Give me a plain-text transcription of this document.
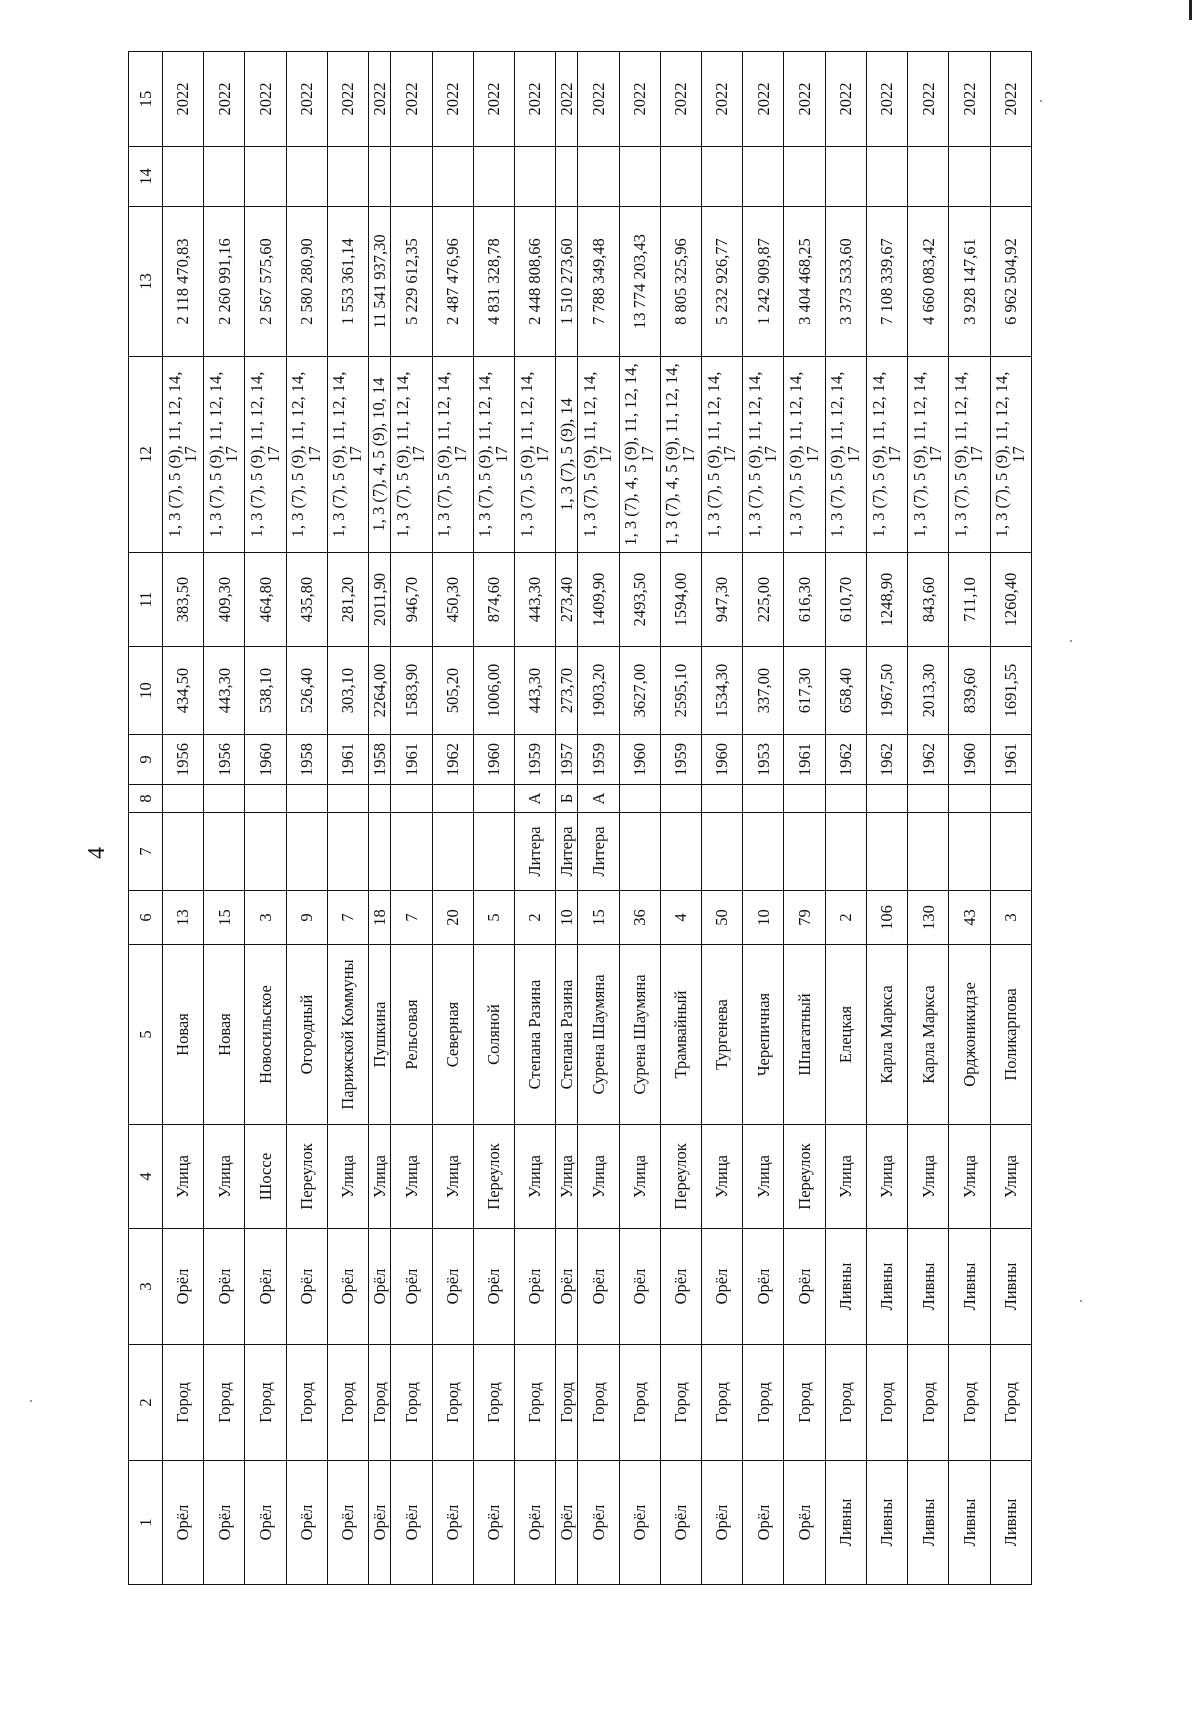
4
1	2	3	4	5	6	7	8	9	10	11	12	13	14	15
Орёл	Город	Орёл	Улица	Новая	13			1956	434,50	383,50	1, 3 (7), 5 (9), 11, 12, 14, 17	2 118 470,83		2022
Орёл	Город	Орёл	Улица	Новая	15			1956	443,30	409,30	1, 3 (7), 5 (9), 11, 12, 14, 17	2 260 991,16		2022
Орёл	Город	Орёл	Шоссе	Новосильское	3			1960	538,10	464,80	1, 3 (7), 5 (9), 11, 12, 14, 17	2 567 575,60		2022
Орёл	Город	Орёл	Переулок	Огородный	9			1958	526,40	435,80	1, 3 (7), 5 (9), 11, 12, 14, 17	2 580 280,90		2022
Орёл	Город	Орёл	Улица	Парижской Коммуны	7			1961	303,10	281,20	1, 3 (7), 5 (9), 11, 12, 14, 17	1 553 361,14		2022
Орёл	Город	Орёл	Улица	Пушкина	18			1958	2264,00	2011,90	1, 3 (7), 4, 5 (9), 10, 14	11 541 937,30		2022
Орёл	Город	Орёл	Улица	Рельсовая	7			1961	1583,90	946,70	1, 3 (7), 5 (9), 11, 12, 14, 17	5 229 612,35		2022
Орёл	Город	Орёл	Улица	Северная	20			1962	505,20	450,30	1, 3 (7), 5 (9), 11, 12, 14, 17	2 487 476,96		2022
Орёл	Город	Орёл	Переулок	Соляной	5			1960	1006,00	874,60	1, 3 (7), 5 (9), 11, 12, 14, 17	4 831 328,78		2022
Орёл	Город	Орёл	Улица	Степана Разина	2	Литера	А	1959	443,30	443,30	1, 3 (7), 5 (9), 11, 12, 14, 17	2 448 808,66		2022
Орёл	Город	Орёл	Улица	Степана Разина	10	Литера	Б	1957	273,70	273,40	1, 3 (7), 5 (9), 14	1 510 273,60		2022
Орёл	Город	Орёл	Улица	Сурена Шаумяна	15	Литера	А	1959	1903,20	1409,90	1, 3 (7), 5 (9), 11, 12, 14, 17	7 788 349,48		2022
Орёл	Город	Орёл	Улица	Сурена Шаумяна	36			1960	3627,00	2493,50	1, 3 (7), 4, 5 (9), 11, 12, 14, 17	13 774 203,43		2022
Орёл	Город	Орёл	Переулок	Трамвайный	4			1959	2595,10	1594,00	1, 3 (7), 4, 5 (9), 11, 12, 14, 17	8 805 325,96		2022
Орёл	Город	Орёл	Улица	Тургенева	50			1960	1534,30	947,30	1, 3 (7), 5 (9), 11, 12, 14, 17	5 232 926,77		2022
Орёл	Город	Орёл	Улица	Черепичная	10			1953	337,00	225,00	1, 3 (7), 5 (9), 11, 12, 14, 17	1 242 909,87		2022
Орёл	Город	Орёл	Переулок	Шпагатный	79			1961	617,30	616,30	1, 3 (7), 5 (9), 11, 12, 14, 17	3 404 468,25		2022
Ливны	Город	Ливны	Улица	Елецкая	2			1962	658,40	610,70	1, 3 (7), 5 (9), 11, 12, 14, 17	3 373 533,60		2022
Ливны	Город	Ливны	Улица	Карла Маркса	106			1962	1967,50	1248,90	1, 3 (7), 5 (9), 11, 12, 14, 17	7 108 339,67		2022
Ливны	Город	Ливны	Улица	Карла Маркса	130			1962	2013,30	843,60	1, 3 (7), 5 (9), 11, 12, 14, 17	4 660 083,42		2022
Ливны	Город	Ливны	Улица	Орджоникидзе	43			1960	839,60	711,10	1, 3 (7), 5 (9), 11, 12, 14, 17	3 928 147,61		2022
Ливны	Город	Ливны	Улица	Поликарпова	3			1961	1691,55	1260,40	1, 3 (7), 5 (9), 11, 12, 14, 17	6 962 504,92		2022
